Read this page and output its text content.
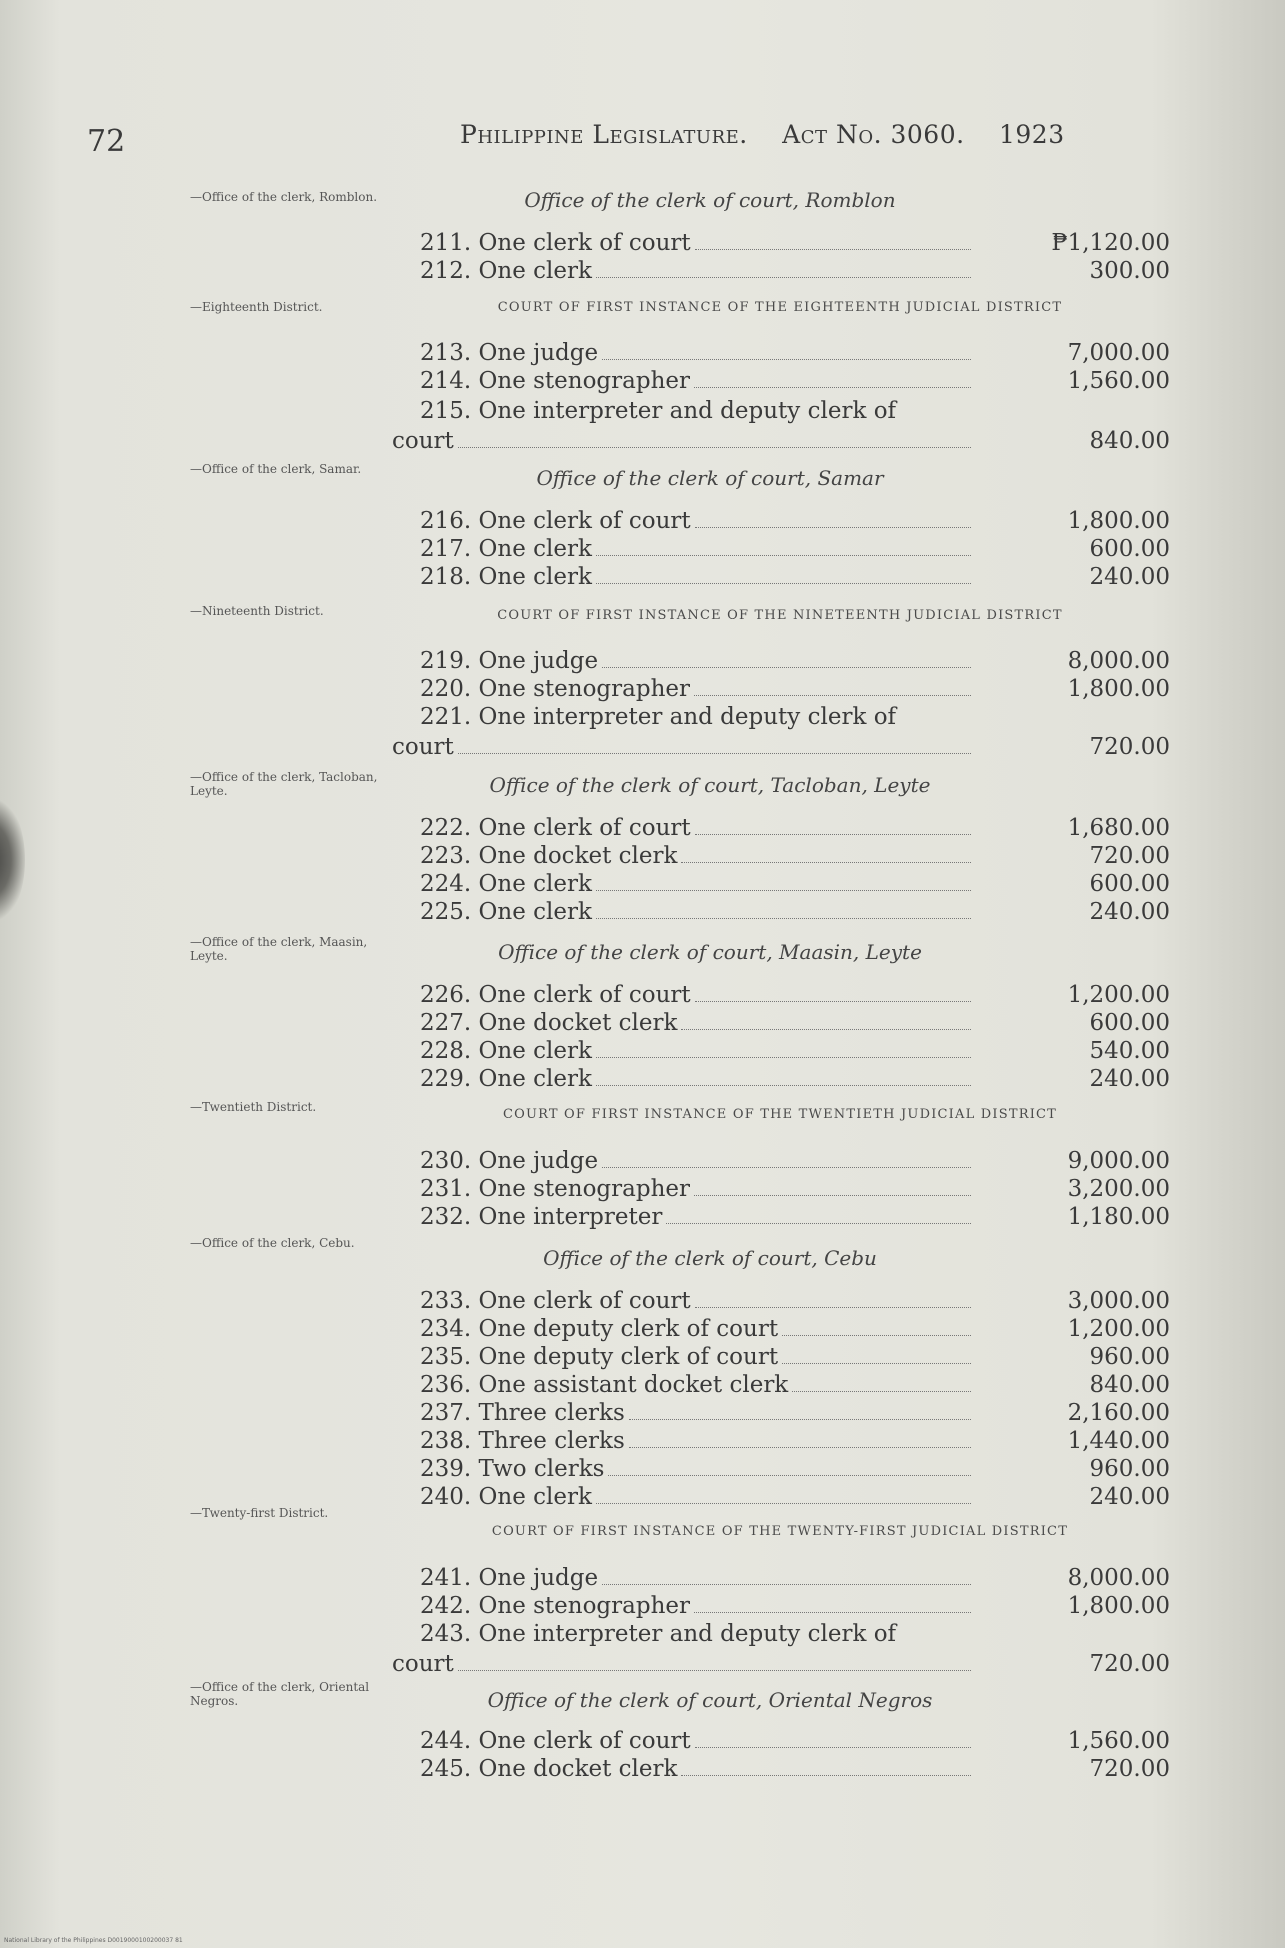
72	Philippine Legislature. Act No. 3060. 1923
—Office of the clerk, Romblon.	Office of the clerk of court, Romblon
211. One clerk of court	₱1,120.00
212. One clerk	300.00
—Eighteenth District.	COURT OF FIRST INSTANCE OF THE EIGHTEENTH JUDICIAL DISTRICT
213. One judge	7,000.00
214. One stenographer	1,560.00
215. One interpreter and deputy clerk of
court	840.00
—Office of the clerk, Samar.	Office of the clerk of court, Samar
216. One clerk of court	1,800.00
217. One clerk	600.00
218. One clerk	240.00
—Nineteenth District.	COURT OF FIRST INSTANCE OF THE NINETEENTH JUDICIAL DISTRICT
219. One judge	8,000.00
220. One stenographer	1,800.00
221. One interpreter and deputy clerk of
court	720.00
—Office of the clerk, Tacloban, Leyte.	Office of the clerk of court, Tacloban, Leyte
222. One clerk of court	1,680.00
223. One docket clerk	720.00
224. One clerk	600.00
225. One clerk	240.00
—Office of the clerk, Maasin, Leyte.	Office of the clerk of court, Maasin, Leyte
226. One clerk of court	1,200.00
227. One docket clerk	600.00
228. One clerk	540.00
229. One clerk	240.00
—Twentieth District.	COURT OF FIRST INSTANCE OF THE TWENTIETH JUDICIAL DISTRICT
230. One judge	9,000.00
231. One stenographer	3,200.00
232. One interpreter	1,180.00
—Office of the clerk, Cebu.
Office of the clerk of court, Cebu
233. One clerk of court	3,000.00
234. One deputy clerk of court	1,200.00
235. One deputy clerk of court	960.00
236. One assistant docket clerk	840.00
237. Three clerks	2,160.00
238. Three clerks	1,440.00
239. Two clerks	960.00
240. One clerk	240.00
—Twenty-first District.
COURT OF FIRST INSTANCE OF THE TWENTY-FIRST JUDICIAL DISTRICT
241. One judge	8,000.00
242. One stenographer	1,800.00
243. One interpreter and deputy clerk of
court	720.00
—Office of the clerk, Oriental Negros.	Office of the clerk of court, Oriental Negros
244. One clerk of court	1,560.00
245. One docket clerk	720.00
National Library of the Philippines D0019000100200037 81
